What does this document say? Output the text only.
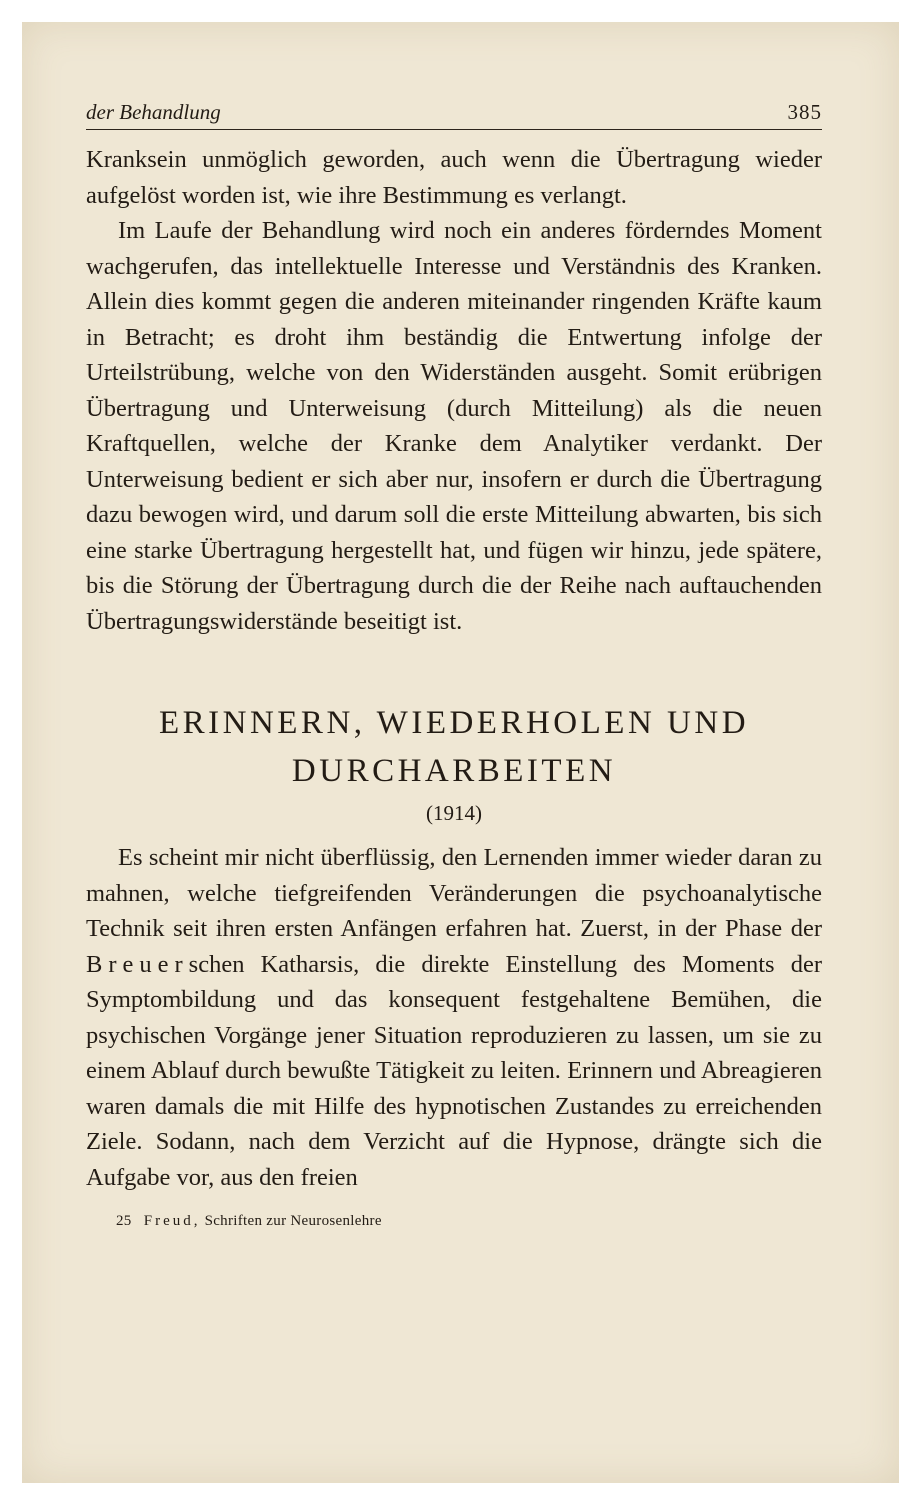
der Behandlung	385

Kranksein unmöglich geworden, auch wenn die Übertragung wieder aufgelöst worden ist, wie ihre Bestimmung es verlangt.

Im Laufe der Behandlung wird noch ein anderes förderndes Moment wachgerufen, das intellektuelle Interesse und Verständnis des Kranken. Allein dies kommt gegen die anderen miteinander ringenden Kräfte kaum in Betracht; es droht ihm beständig die Entwertung infolge der Urteilstrübung, welche von den Widerständen ausgeht. Somit erübrigen Übertragung und Unterweisung (durch Mitteilung) als die neuen Kraftquellen, welche der Kranke dem Analytiker verdankt. Der Unterweisung bedient er sich aber nur, insofern er durch die Übertragung dazu bewogen wird, und darum soll die erste Mitteilung abwarten, bis sich eine starke Übertragung hergestellt hat, und fügen wir hinzu, jede spätere, bis die Störung der Übertragung durch die der Reihe nach auftauchenden Übertragungswiderstände beseitigt ist.

ERINNERN, WIEDERHOLEN UND
DURCHARBEITEN
(1914)

Es scheint mir nicht überflüssig, den Lernenden immer wieder daran zu mahnen, welche tiefgreifenden Veränderungen die psychoanalytische Technik seit ihren ersten Anfängen erfahren hat. Zuerst, in der Phase der Breuerschen Katharsis, die direkte Einstellung des Moments der Symptombildung und das konsequent festgehaltene Bemühen, die psychischen Vorgänge jener Situation reproduzieren zu lassen, um sie zu einem Ablauf durch bewußte Tätigkeit zu leiten. Erinnern und Abreagieren waren damals die mit Hilfe des hypnotischen Zustandes zu erreichenden Ziele. Sodann, nach dem Verzicht auf die Hypnose, drängte sich die Aufgabe vor, aus den freien

25 Freud, Schriften zur Neurosenlehre
